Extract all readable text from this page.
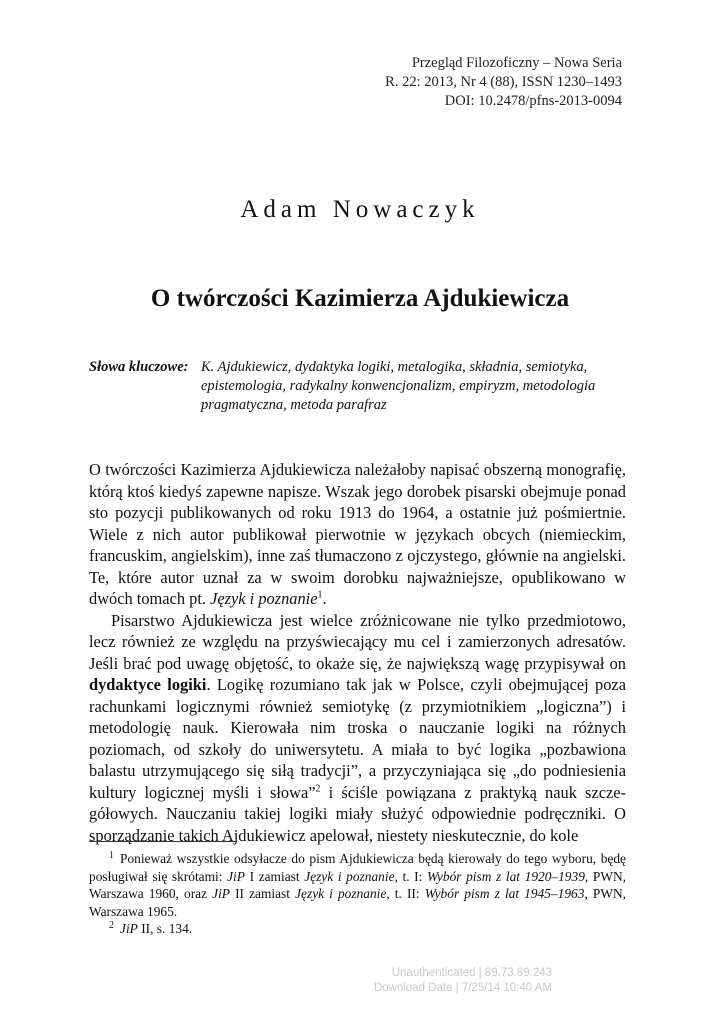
Przegląd Filozoficzny – Nowa Seria
R. 22: 2013, Nr 4 (88), ISSN 1230–1493
DOI: 10.2478/pfns-2013-0094
Adam Nowaczyk
O twórczości Kazimierza Ajdukiewicza
Słowa kluczowe: K. Ajdukiewicz, dydaktyka logiki, metalogika, składnia, semiotyka, epistemologia, radykalny konwencjonalizm, empiryzm, metodologia pragmatyczna, metoda parafraz

O twórczości Kazimierza Ajdukiewicza należałoby napisać obszerną monografię, którą ktoś kiedyś zapewne napisze. Wszak jego dorobek pisarski obejmuje ponad sto pozycji publikowanych od roku 1913 do 1964, a ostatnie już pośmiertnie. Wiele z nich autor publikował pierwotnie w językach obcych (niemieckim, francuskim, angielskim), inne zaś tłumaczono z ojczystego, głównie na angielski. Te, które autor uznał za w swoim dorobku najważniejsze, opublikowano w dwóch tomach pt. Język i poznanie$^1$.

Pisarstwo Ajdukiewicza jest wielce zróżnicowane nie tylko przedmiotowo, lecz również ze względu na przyświecający mu cel i zamierzonych adresatów. Jeśli brać pod uwagę objętość, to okaże się, że największą wagę przypisywał on dydaktyce logiki. Logikę rozumiano tak jak w Polsce, czyli obejmującej poza rachunkami logicznymi również semiotykę (z przymiotnikiem „logiczna”) i metodologię nauk. Kierowała nim troska o nauczanie logiki na różnych poziomach, od szkoły do uniwersytetu. A miała to być logika „pozbawiona balastu utrzymującego się siłą tradycji”, a przyczyniająca się „do podniesienia kultury logicznej myśli i słowa”$^2$ i ściśle powiązana z praktyką nauk szczegółowych. Nauczaniu takiej logiki miały służyć odpowiednie podręczniki. O sporządzanie takich Ajdukiewicz apelował, niestety nieskutecznie, do kole

$^1$ Ponieważ wszystkie odsyłacze do pism Ajdukiewicza będą kierowały do tego wyboru, będę posługiwał się skrótami: JiP I zamiast Język i poznanie, t. I: Wybór pism z lat 1920–1939, PWN, Warszawa 1960, oraz JiP II zamiast Język i poznanie, t. II: Wybór pism z lat 1945–1963, PWN, Warszawa 1965.

$^2$ JiP II, s. 134.

Unauthenticated | 89.73.89.243
Download Date | 7/25/14 10:40 AM
